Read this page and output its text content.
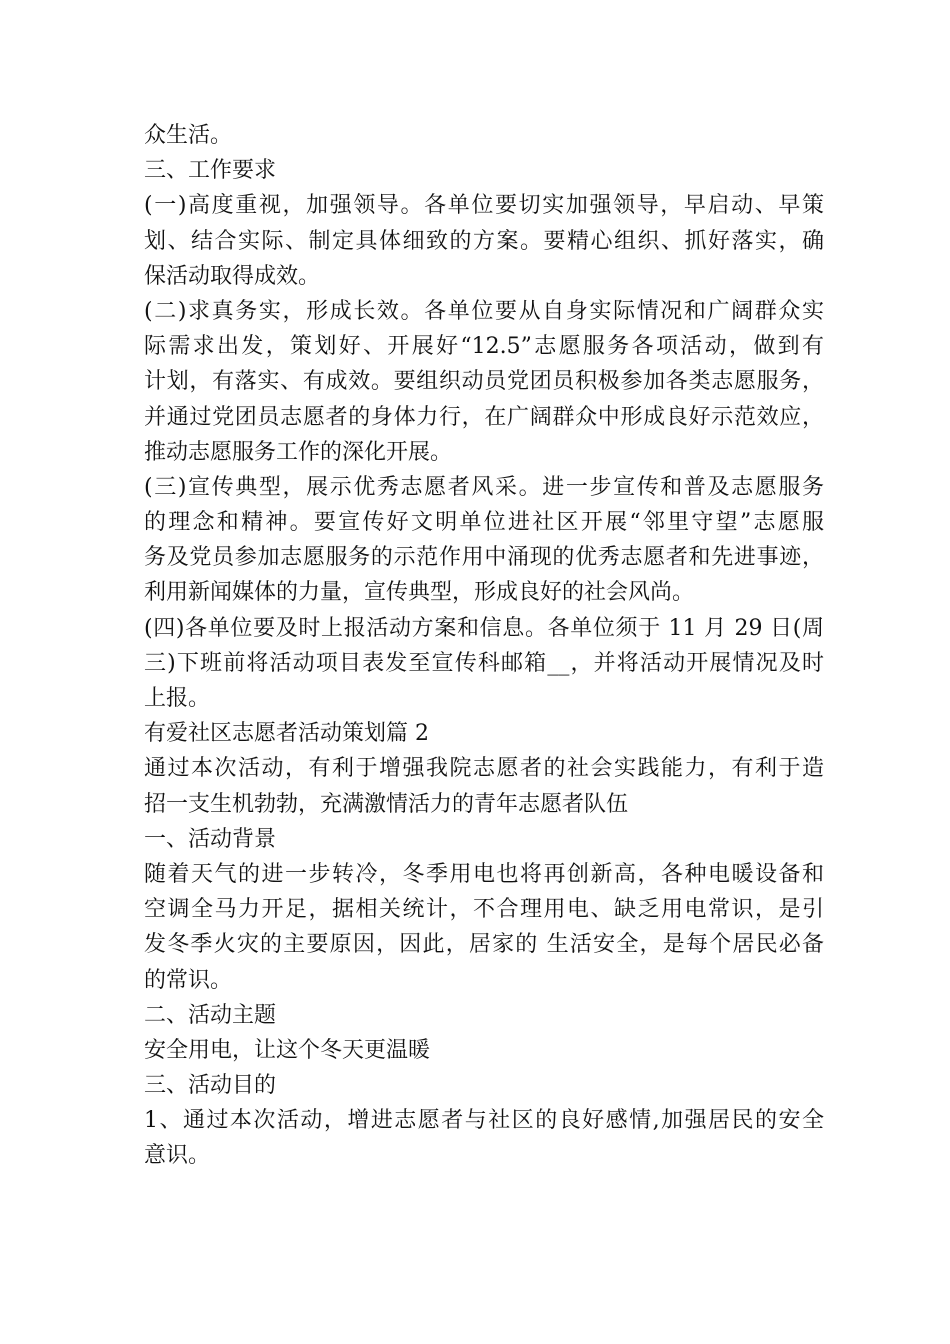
众生活。
三、工作要求
(一)高度重视，加强领导。各单位要切实加强领导，早启动、早策
划、结合实际、制定具体细致的方案。要精心组织、抓好落实，确
保活动取得成效。
(二)求真务实，形成长效。各单位要从自身实际情况和广阔群众实
际需求出发，策划好、开展好“12.5”志愿服务各项活动，做到有
计划，有落实、有成效。要组织动员党团员积极参加各类志愿服务，
并通过党团员志愿者的身体力行，在广阔群众中形成良好示范效应，
推动志愿服务工作的深化开展。
(三)宣传典型，展示优秀志愿者风采。进一步宣传和普及志愿服务
的理念和精神。要宣传好文明单位进社区开展“邻里守望”志愿服
务及党员参加志愿服务的示范作用中涌现的优秀志愿者和先进事迹，
利用新闻媒体的力量，宣传典型，形成良好的社会风尚。
(四)各单位要及时上报活动方案和信息。各单位须于 11 月 29 日(周
三)下班前将活动项目表发至宣传科邮箱__，并将活动开展情况及时
上报。
有爱社区志愿者活动策划篇 2
通过本次活动，有利于增强我院志愿者的社会实践能力，有利于造
招一支生机勃勃，充满激情活力的青年志愿者队伍
一、活动背景
随着天气的进一步转冷，冬季用电也将再创新高，各种电暖设备和
空调全马力开足，据相关统计，不合理用电、缺乏用电常识，是引
发冬季火灾的主要原因，因此，居家的 生活安全，是每个居民必备
的常识。
二、活动主题
安全用电，让这个冬天更温暖
三、活动目的
1、通过本次活动，增进志愿者与社区的良好感情,加强居民的安全
意识。
